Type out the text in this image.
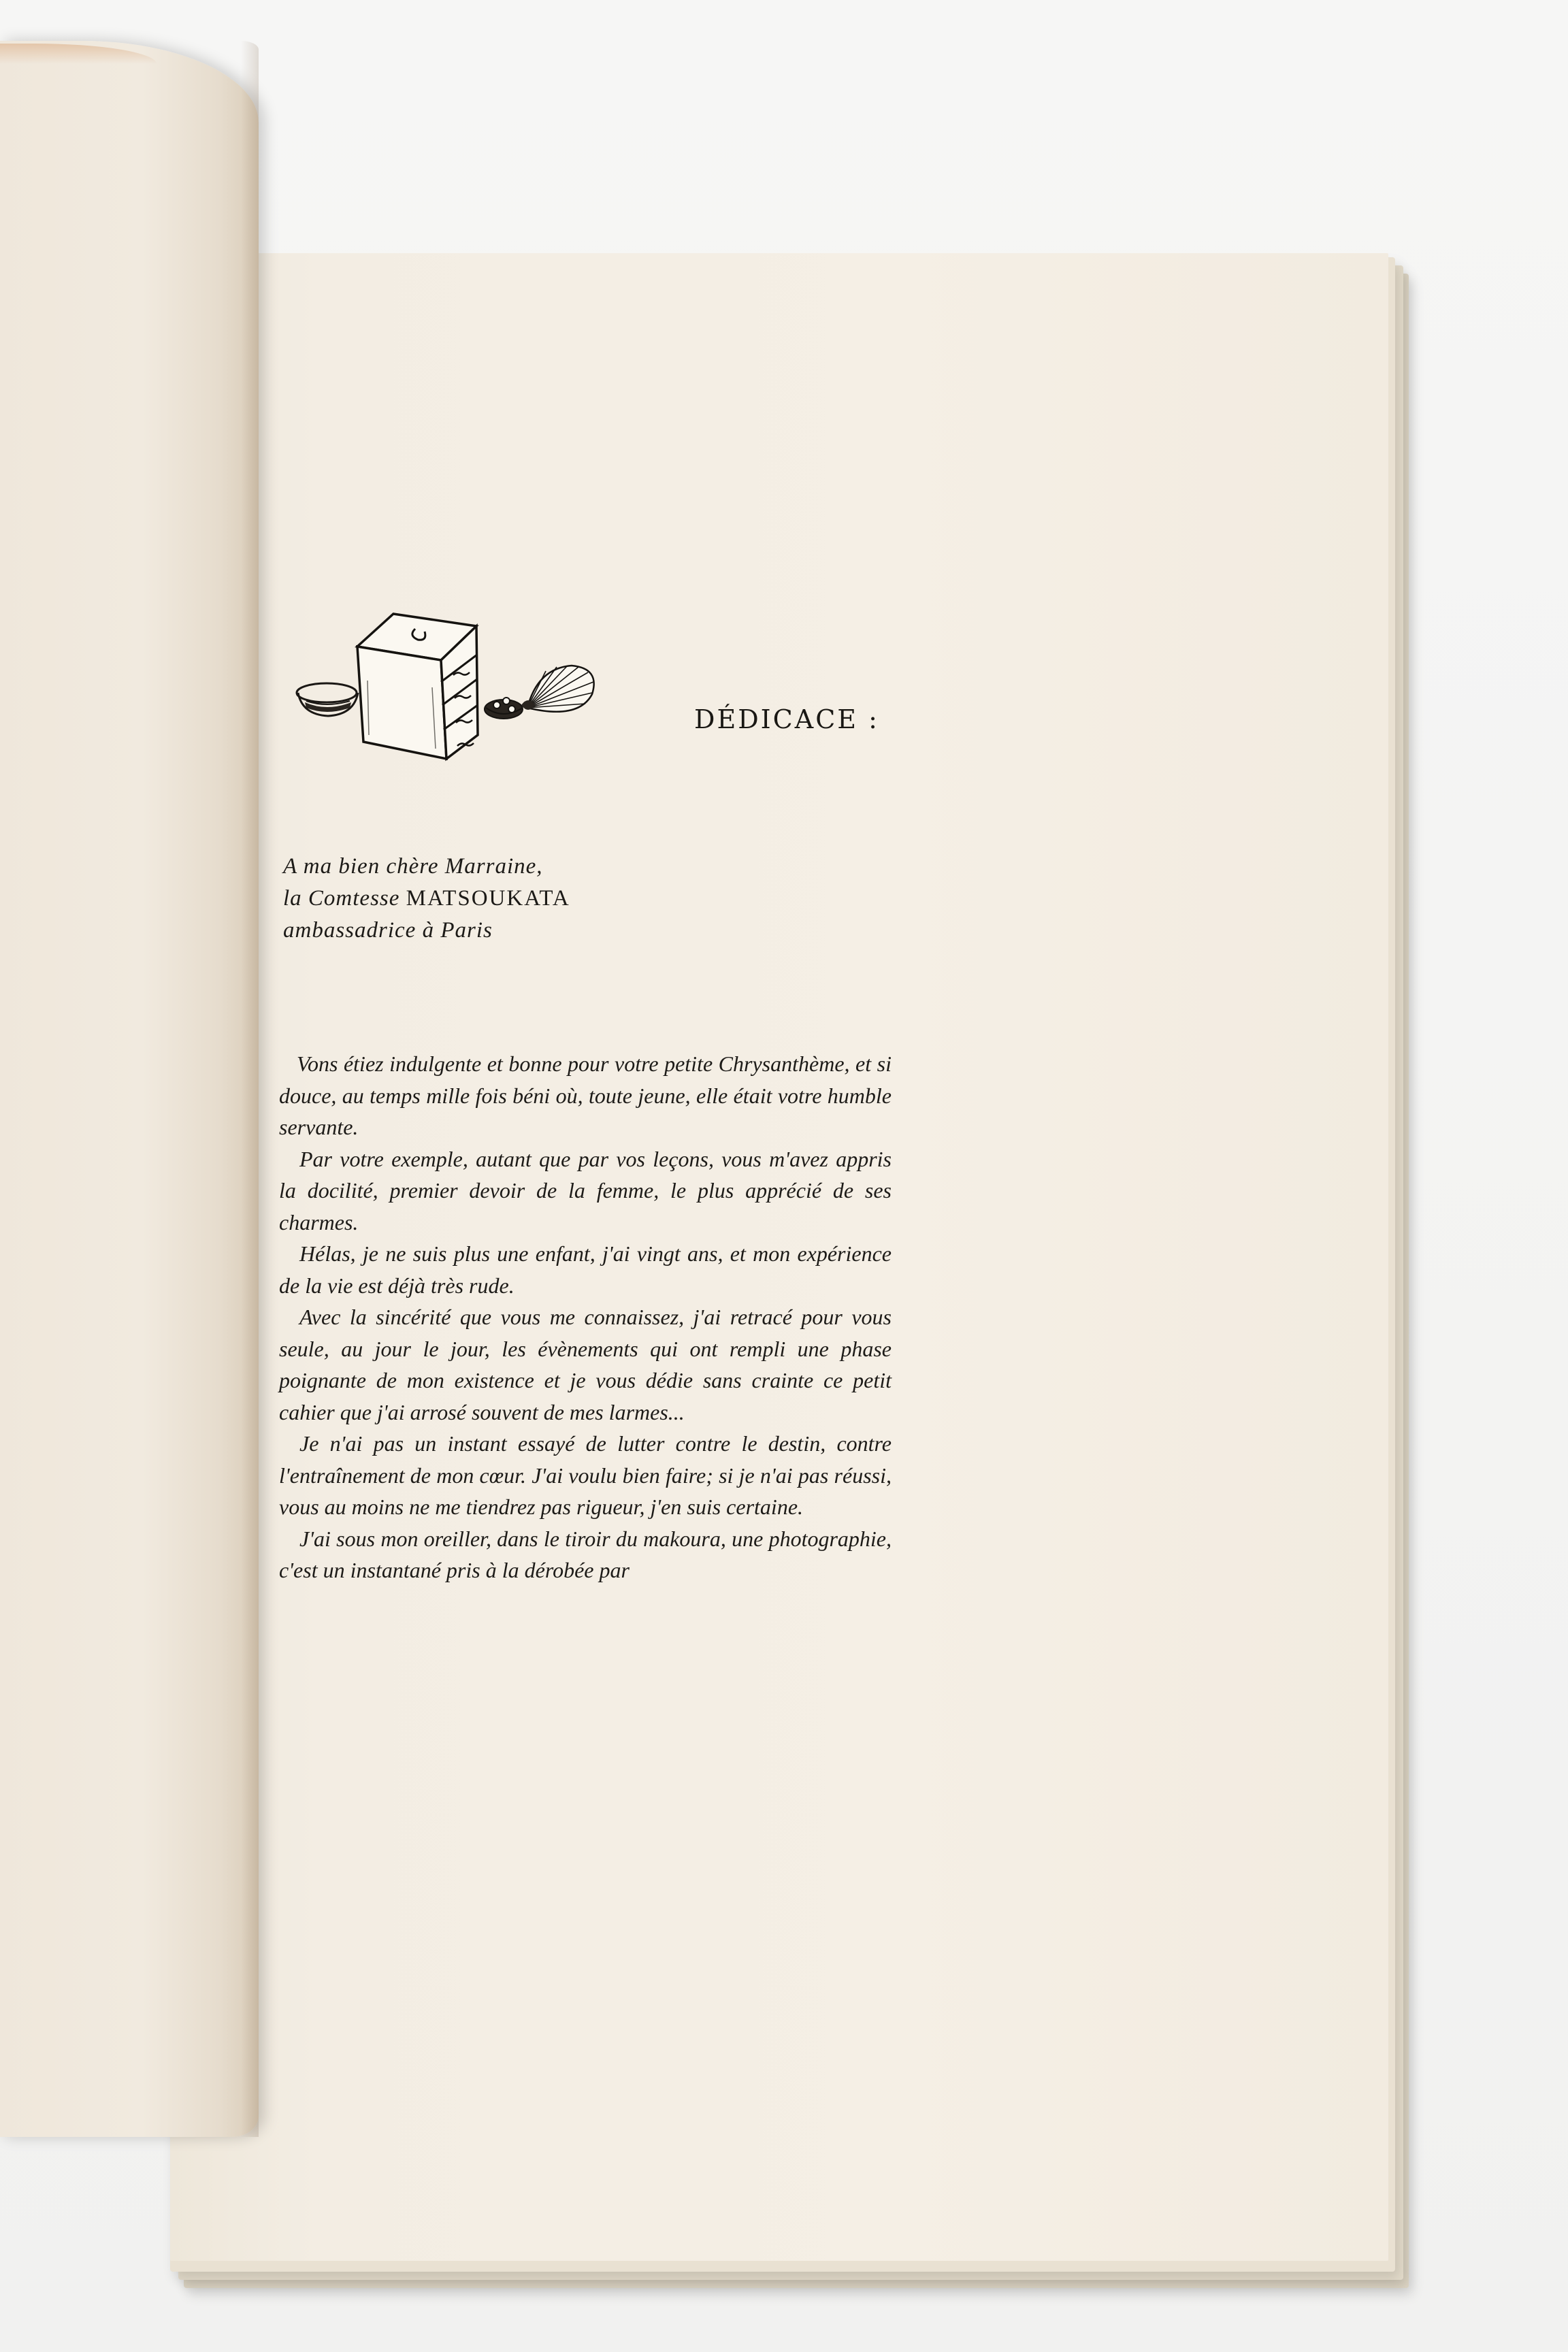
DÉDICACE :
A ma bien chère Marraine,
la Comtesse MATSOUKATA
ambassadrice à Paris

Vons étiez indulgente et bonne pour votre petite Chrysanthème, et si douce, au temps mille fois béni où, toute jeune, elle était votre humble servante.

Par votre exemple, autant que par vos leçons, vous m'avez appris la docilité, premier devoir de la femme, le plus apprécié de ses charmes.

Hélas, je ne suis plus une enfant, j'ai vingt ans, et mon expérience de la vie est déjà très rude.

Avec la sincérité que vous me connaissez, j'ai retracé pour vous seule, au jour le jour, les évènements qui ont rempli une phase poignante de mon existence et je vous dédie sans crainte ce petit cahier que j'ai arrosé souvent de mes larmes...

Je n'ai pas un instant essayé de lutter contre le destin, contre l'entraînement de mon cœur. J'ai voulu bien faire; si je n'ai pas réussi, vous au moins ne me tiendrez pas rigueur, j'en suis certaine.

J'ai sous mon oreiller, dans le tiroir du makoura, une photographie, c'est un instantané pris à la dérobée par
